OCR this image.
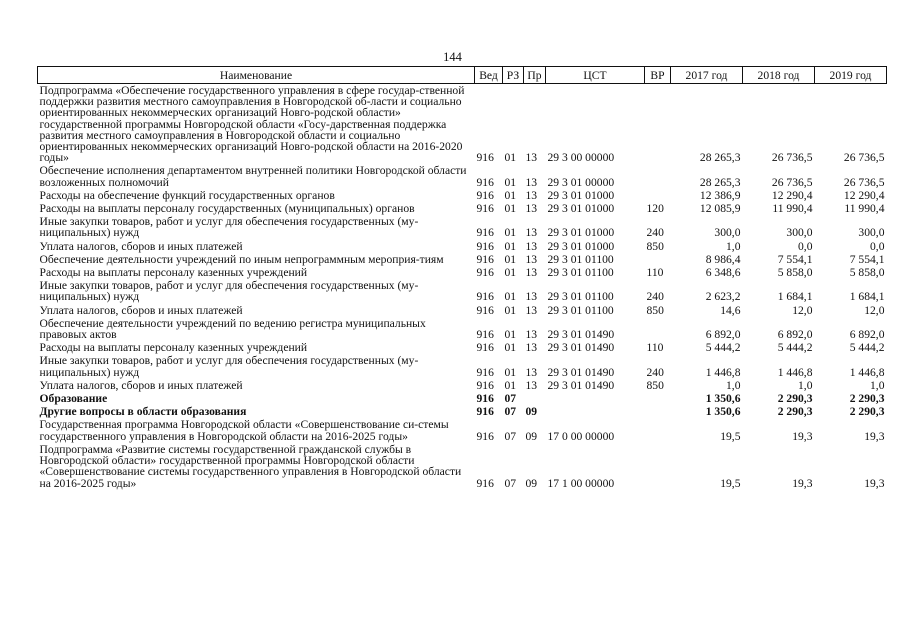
144
Наименование	Вед	РЗ	Пр	ЦСТ	ВР	2017 год	2018 год	2019 год
Подпрограмма «Обеспечение государственного управления в сфере государ-ственной поддержки развития местного самоуправления в Новгородской об-ласти и социально ориентированных некоммерческих организаций Новго-родской области» государственной программы Новгородской области «Госу-дарственная поддержка развития местного самоуправления в Новгородской области и социально ориентированных некоммерческих организаций Новго-родской области на 2016-2020 годы»	916	01	13	29 3 00 00000		28 265,3	26 736,5	26 736,5
Обеспечение исполнения департаментом внутренней политики Новгородской области возложенных полномочий	916	01	13	29 3 01 00000		28 265,3	26 736,5	26 736,5
Расходы на обеспечение функций государственных органов	916	01	13	29 3 01 01000		12 386,9	12 290,4	12 290,4
Расходы на выплаты персоналу государственных (муниципальных) органов	916	01	13	29 3 01 01000	120	12 085,9	11 990,4	11 990,4
Иные закупки товаров, работ и услуг для обеспечения государственных (му-ниципальных) нужд	916	01	13	29 3 01 01000	240	300,0	300,0	300,0
Уплата налогов, сборов и иных платежей	916	01	13	29 3 01 01000	850	1,0	0,0	0,0
Обеспечение деятельности учреждений по иным непрограммным мероприя-тиям	916	01	13	29 3 01 01100		8 986,4	7 554,1	7 554,1
Расходы на выплаты персоналу казенных учреждений	916	01	13	29 3 01 01100	110	6 348,6	5 858,0	5 858,0
Иные закупки товаров, работ и услуг для обеспечения государственных (му-ниципальных) нужд	916	01	13	29 3 01 01100	240	2 623,2	1 684,1	1 684,1
Уплата налогов, сборов и иных платежей	916	01	13	29 3 01 01100	850	14,6	12,0	12,0
Обеспечение деятельности учреждений по ведению регистра муниципальных правовых актов	916	01	13	29 3 01 01490		6 892,0	6 892,0	6 892,0
Расходы на выплаты персоналу казенных учреждений	916	01	13	29 3 01 01490	110	5 444,2	5 444,2	5 444,2
Иные закупки товаров, работ и услуг для обеспечения государственных (му-ниципальных) нужд	916	01	13	29 3 01 01490	240	1 446,8	1 446,8	1 446,8
Уплата налогов, сборов и иных платежей	916	01	13	29 3 01 01490	850	1,0	1,0	1,0
Образование	916	07				1 350,6	2 290,3	2 290,3
Другие вопросы в области образования	916	07	09			1 350,6	2 290,3	2 290,3
Государственная программа Новгородской области «Совершенствование си-стемы государственного управления в Новгородской области на 2016-2025 годы»	916	07	09	17 0 00 00000		19,5	19,3	19,3
Подпрограмма «Развитие системы государственной гражданской службы в Новгородской области» государственной программы Новгородской области «Совершенствование системы государственного управления в Новгородской области на 2016-2025 годы»	916	07	09	17 1 00 00000		19,5	19,3	19,3
